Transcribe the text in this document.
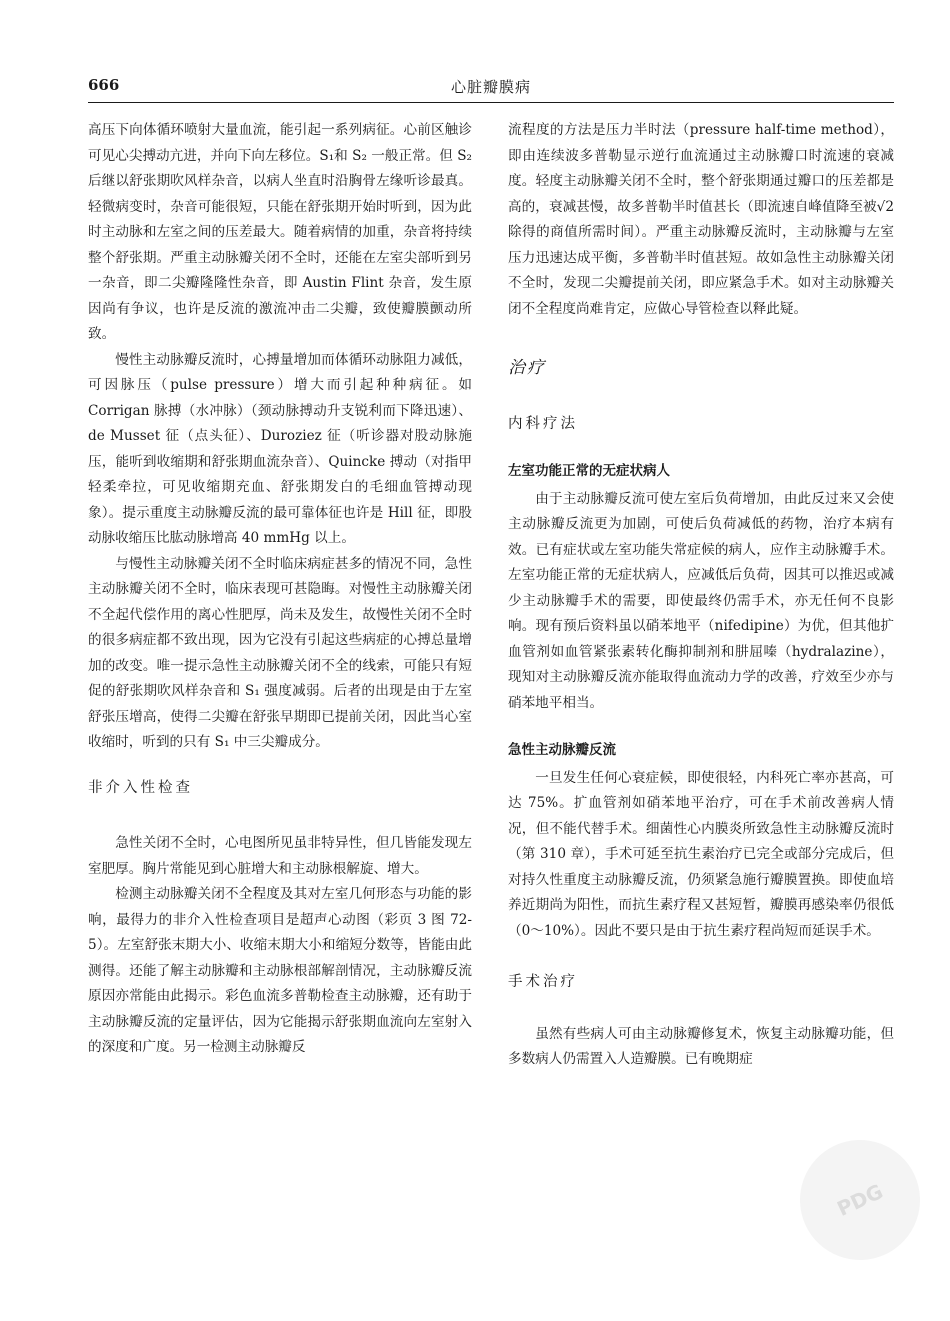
666	心脏瓣膜病

高压下向体循环喷射大量血流，能引起一系列病征。心前区触诊可见心尖搏动亢进，并向下向左移位。S₁和 S₂ 一般正常。但 S₂ 后继以舒张期吹风样杂音，以病人坐直时沿胸骨左缘听诊最真。轻微病变时，杂音可能很短，只能在舒张期开始时听到，因为此时主动脉和左室之间的压差最大。随着病情的加重，杂音将持续整个舒张期。严重主动脉瓣关闭不全时，还能在左室尖部听到另一杂音，即二尖瓣隆隆性杂音，即 Austin Flint 杂音，发生原因尚有争议，也许是反流的激流冲击二尖瓣，致使瓣膜颤动所致。

慢性主动脉瓣反流时，心搏量增加而体循环动脉阻力减低，可因脉压（pulse pressure）增大而引起种种病征。如 Corrigan 脉搏（水冲脉）（颈动脉搏动升支锐利而下降迅速）、de Musset 征（点头征）、Duroziez 征（听诊器对股动脉施压，能听到收缩期和舒张期血流杂音）、Quincke 搏动（对指甲轻柔牵拉，可见收缩期充血、舒张期发白的毛细血管搏动现象）。提示重度主动脉瓣反流的最可靠体征也许是 Hill 征，即股动脉收缩压比肱动脉增高 40 mmHg 以上。

与慢性主动脉瓣关闭不全时临床病症甚多的情况不同，急性主动脉瓣关闭不全时，临床表现可甚隐晦。对慢性主动脉瓣关闭不全起代偿作用的离心性肥厚，尚未及发生，故慢性关闭不全时的很多病症都不致出现，因为它没有引起这些病症的心搏总量增加的改变。唯一提示急性主动脉瓣关闭不全的线索，可能只有短促的舒张期吹风样杂音和 S₁ 强度减弱。后者的出现是由于左室舒张压增高，使得二尖瓣在舒张早期即已提前关闭，因此当心室收缩时，听到的只有 S₁ 中三尖瓣成分。

非介入性检查

急性关闭不全时，心电图所见虽非特异性，但几皆能发现左室肥厚。胸片常能见到心脏增大和主动脉根解旋、增大。

检测主动脉瓣关闭不全程度及其对左室几何形态与功能的影响，最得力的非介入性检查项目是超声心动图（彩页 3 图 72-5）。左室舒张末期大小、收缩末期大小和缩短分数等，皆能由此测得。还能了解主动脉瓣和主动脉根部解剖情况，主动脉瓣反流原因亦常能由此揭示。彩色血流多普勒检查主动脉瓣，还有助于主动脉瓣反流的定量评估，因为它能揭示舒张期血流向左室射入的深度和广度。另一检测主动脉瓣反

流程度的方法是压力半时法（pressure half-time method），即由连续波多普勒显示逆行血流通过主动脉瓣口时流速的衰减度。轻度主动脉瓣关闭不全时，整个舒张期通过瓣口的压差都是高的，衰减甚慢，故多普勒半时值甚长（即流速自峰值降至被√2除得的商值所需时间）。严重主动脉瓣反流时，主动脉瓣与左室压力迅速达成平衡，多普勒半时值甚短。故如急性主动脉瓣关闭不全时，发现二尖瓣提前关闭，即应紧急手术。如对主动脉瓣关闭不全程度尚难肯定，应做心导管检查以释此疑。

治疗
内科疗法
左室功能正常的无症状病人

由于主动脉瓣反流可使左室后负荷增加，由此反过来又会使主动脉瓣反流更为加剧，可使后负荷减低的药物，治疗本病有效。已有症状或左室功能失常症候的病人，应作主动脉瓣手术。左室功能正常的无症状病人，应减低后负荷，因其可以推迟或减少主动脉瓣手术的需要，即使最终仍需手术，亦无任何不良影响。现有预后资料虽以硝苯地平（nifedipine）为优，但其他扩血管剂如血管紧张素转化酶抑制剂和肼屈嗪（hydralazine），现知对主动脉瓣反流亦能取得血流动力学的改善，疗效至少亦与硝苯地平相当。

急性主动脉瓣反流

一旦发生任何心衰症候，即使很轻，内科死亡率亦甚高，可达 75%。扩血管剂如硝苯地平治疗，可在手术前改善病人情况，但不能代替手术。细菌性心内膜炎所致急性主动脉瓣反流时（第 310 章），手术可延至抗生素治疗已完全或部分完成后，但对持久性重度主动脉瓣反流，仍须紧急施行瓣膜置换。即使血培养近期尚为阳性，而抗生素疗程又甚短暂，瓣膜再感染率仍很低（0～10%）。因此不要只是由于抗生素疗程尚短而延误手术。

手术治疗

虽然有些病人可由主动脉瓣修复术，恢复主动脉瓣功能，但多数病人仍需置入人造瓣膜。已有晚期症

PDG
